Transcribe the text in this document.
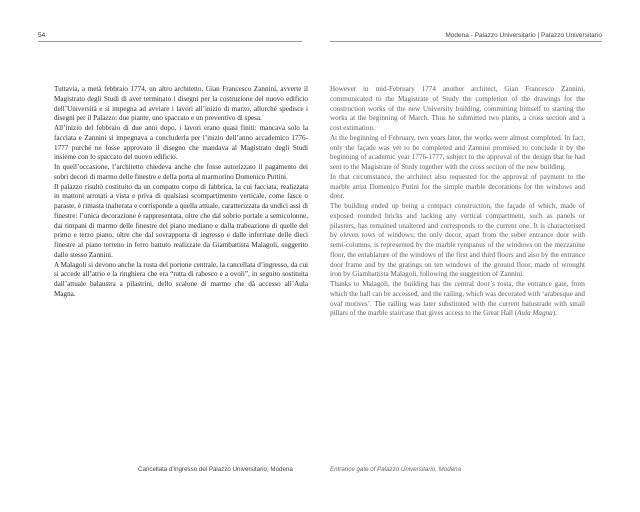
54	Modena - Palazzo Universitario | Palazzo Universitario

Tuttavia, a metà febbraio 1774, un altro architetto, Gian Francesco Zannini, avverte il Magistrato degli Studi di aver terminato i disegni per la costruzione del nuovo edificio dell’Università e si impegna ad avviare i lavori all’inizio di marzo, allorché spedisce i disegni per il Palazzo: due piante, uno spaccato e un preventivo di spesa.

All’inizio del febbraio di due anni dopo, i lavori erano quasi finiti: mancava solo la facciata e Zannini si impegnava a concluderla per l’inizio dell’anno accademico 1776-1777 purché ne fosse approvato il disegno che mandava al Magistrato degli Studi insieme con lo spaccato del nuovo edificio.

In quell’occasione, l’architetto chiedeva anche che fosse autorizzato il pagamento dei sobri decori di marmo delle finestre e della porta al marmorino Domenico Puttini.

Il palazzo risultò costituito da un compatto corpo di fabbrica, la cui facciata, realizzata in mattoni arrotati a vista e priva di qualsiasi scompartimento verticale, come fasce o paraste, è rimasta inalterata e corrisponde a quella attuale, caratterizzata da undici assi di finestre: l’unica decorazione è rappresentata, oltre che dal sobrio portale a semicolonne, dai timpani di marmo delle finestre del piano mediano e dalla trabeazione di quelle del primo e terzo piano, oltre che dal sovrapporta di ingresso e dalle inferriate delle dieci finestre al piano terreno in ferro battuto realizzate da Giambattista Malagoli, suggerito dallo stesso Zannini.

A Malagoli si devono anche la rosta del portone centrale, la cancellata d’ingresso, da cui si accede all’atrio e la ringhiera che era “tutta di rabesco e a ovoli”, in seguito sostituita dall’attuale balaustra a pilastrini, dello scalone di marmo che dà accesso all’Aula Magna.

However in mid-February 1774 another architect, Gian Francesco Zannini, communicated to the Magistrate of Study the completion of the drawings for the construction works of the new University building, committing himself to starting the works at the beginning of March. Thus he submitted two plants, a cross section and a cost estimation.

At the beginning of February, two years later, the works were almost completed. In fact, only the façade was yet to be completed and Zannini promised to conclude it by the beginning of academic year 1776-1777, subject to the approval of the design that he had sent to the Magistrate of Study together with the cross section of the new building.

In that circumstance, the architect also requested for the approval of payment to the marble artist Domenico Putini for the simple marble decorations for the windows and door.

The building ended up being a compact construction, the façade of which, made of exposed rounded bricks and lacking any vertical compartment, such as panels or pilasters, has remained unaltered and corresponds to the current one. It is characterised by eleven rows of windows; the only decor, apart from the sober entrance door with semi-columns, is represented by the marble tympanus of the windows on the mezzanine floor, the entablature of the windows of the first and third floors and also by the entrance door frame and by the gratings on ten windows of the ground floor, made of wrought iron by Giambattista Malagoli, following the suggestion of Zannini.

Thanks to Malagoli, the building has the central door’s rosta, the entrance gate, from which the hall can be accessed, and the railing, which was decorated with ‘arabesque and oval motives’. The railing was later substituted with the current balustrade with small pillars of the marble staircase that gives access to the Great Hall (Aula Magna).

Cancellata d’ingresso del Palazzo Universitario, Modena	Entrance gate of Palazzo Universitario, Modena
